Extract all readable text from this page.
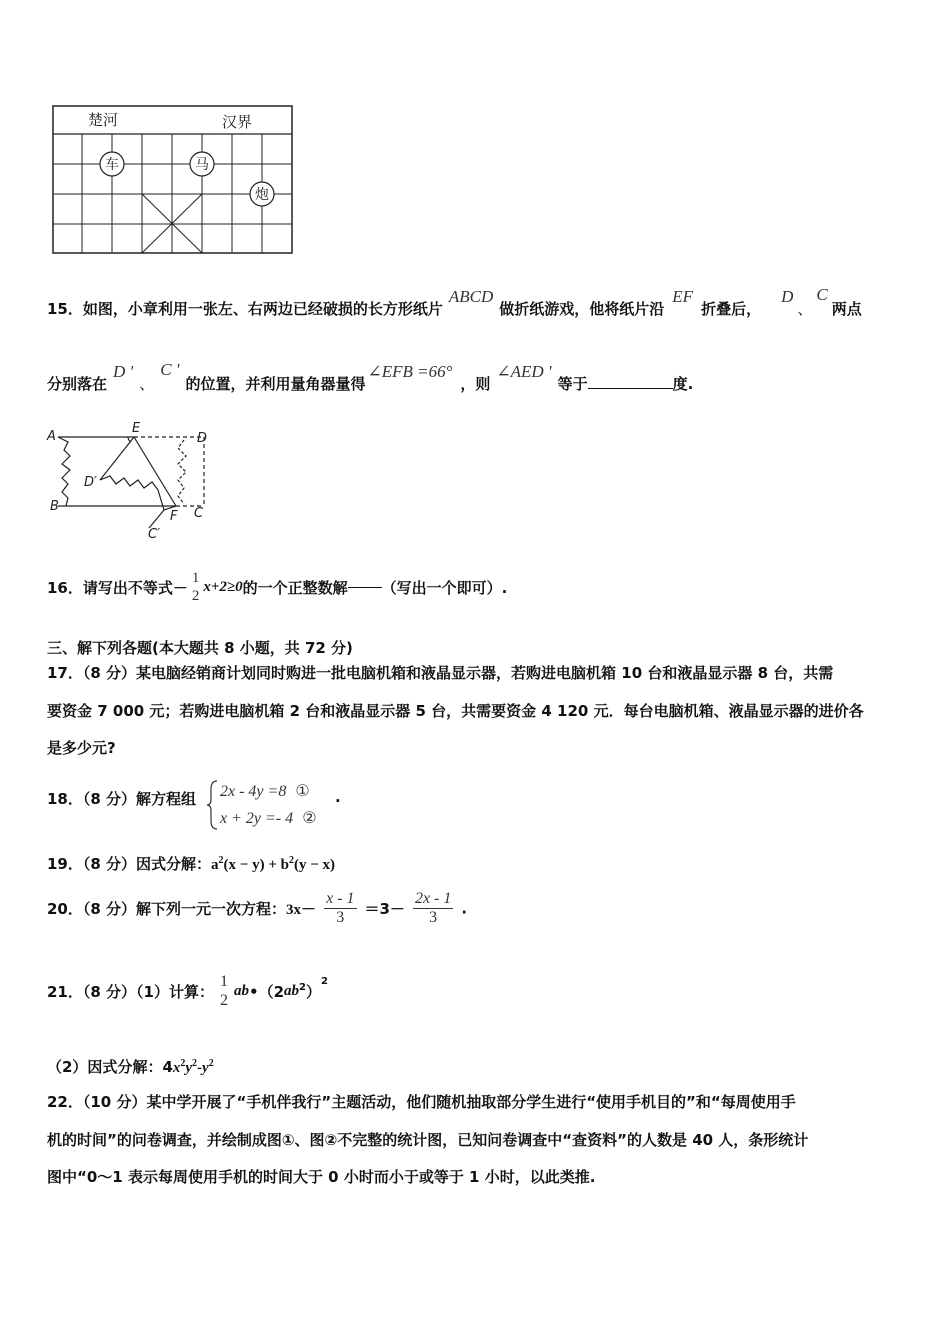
楚河	汉界
车	马
炮
15．如图，小章利用一张左、右两边已经破损的长方形纸片ABCD做折纸游戏，他将纸片沿EF折叠后，D、C两点
分别落在D '、C '的位置，并利用量角器量得∠EFB =66°，则∠AED '等于	度.
A
E
D
B
F C
D′
C′
16．请写出不等式－
1
2
x+2≥0的一个正整数解 （写出一个即可）.
三、解下列各题(本大题共 8 小题，共 72 分)
17．（8 分）某电脑经销商计划同时购进一批电脑机箱和液晶显示器，若购进电脑机箱 10 台和液晶显示器 8 台，共需
要资金 7 000 元；若购进电脑机箱 2 台和液晶显示器 5 台，共需要资金 4 120 元．每台电脑机箱、液晶显示器的进价各
是多少元?
18．（8 分）解方程组 2x - 4y =8 ①
x + 2y =- 4 ②
.
19．（8 分）因式分解：$a^2(x - y) + b^2(y - x)$
20．（8 分）解下列一元一次方程：$3x- \frac{x - 1}{3} =3- \frac{2x - 1}{3}$ .
21．（8 分）（1）计算：
1
2
$ab•(2ab^2)^2$
（2）因式分解：$4x^2y^2-y^2$
22．（10 分）某中学开展了“手机伴我行”主题活动，他们随机抽取部分学生进行“使用手机目的”和“每周使用手
机的时间”的问卷调查，并绘制成图①、图②不完整的统计图，已知问卷调查中“查资料”的人数是 40 人，条形统计
图中“0～1 表示每周使用手机的时间大于 0 小时而小于或等于 1 小时，以此类推.
